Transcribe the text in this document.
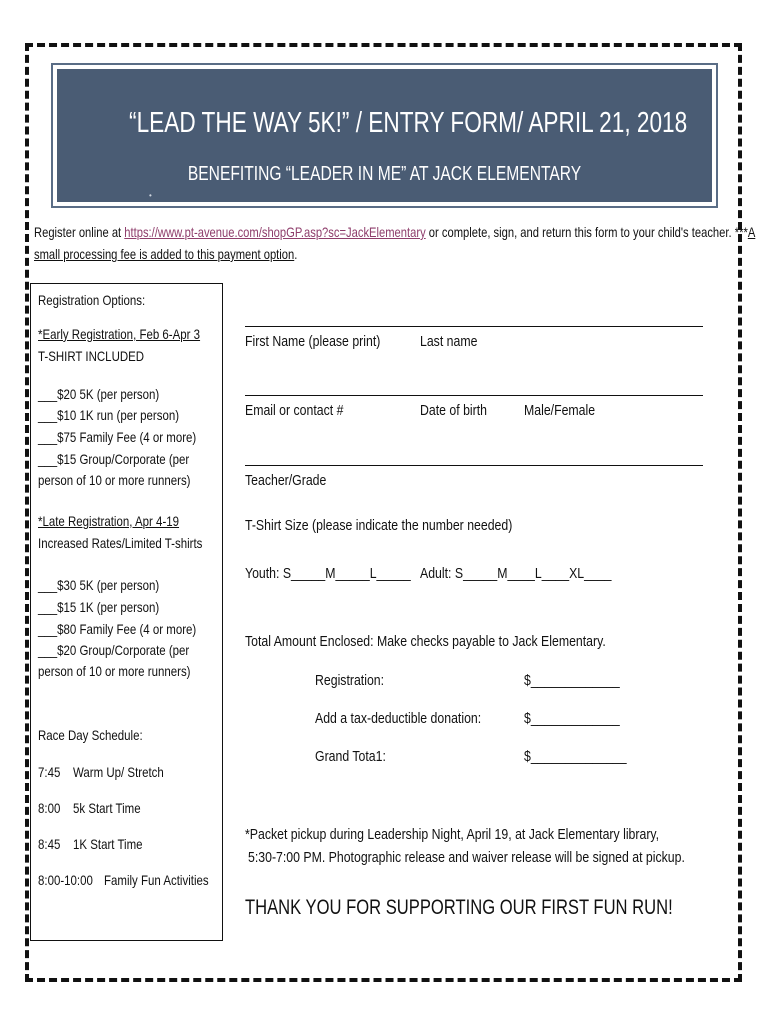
“LEAD THE WAY 5K!” / ENTRY FORM/ APRIL 21, 2018
BENEFITING “LEADER IN ME” AT JACK ELEMENTARY
•
Register online at https://www.pt-avenue.com/shopGP.asp?sc=JackElementary or complete, sign, and return this form to your child's teacher. ***A
small processing fee is added to this payment option.
Registration Options:
*Early Registration, Feb 6-Apr 3
T-SHIRT INCLUDED
___$20 5K (per person)
___$10 1K run (per person)
___$75 Family Fee (4 or more)
___$15 Group/Corporate (per
person of 10 or more runners)
*Late Registration, Apr 4-19
Increased Rates/Limited T-shirts
___$30 5K (per person)
___$15 1K (per person)
___$80 Family Fee (4 or more)
___$20 Group/Corporate (per
person of 10 or more runners)
Race Day Schedule:
7:45 Warm Up/ Stretch
8:00 5k Start Time
8:45 1K Start Time
8:00-10:00 Family Fun Activities
First Name (please print)	Last name
Email or contact #	Date of birth	Male/Female
Teacher/Grade
T-Shirt Size (please indicate the number needed)
Youth: S_____M_____L_____ Adult: S_____M____L____XL____
Total Amount Enclosed: Make checks payable to Jack Elementary.
Registration:	$_____________
Add a tax-deductible donation:	$_____________
Grand Tota1:	$______________
*Packet pickup during Leadership Night, April 19, at Jack Elementary library,
5:30-7:00 PM. Photographic release and waiver release will be signed at pickup.
THANK YOU FOR SUPPORTING OUR FIRST FUN RUN!
